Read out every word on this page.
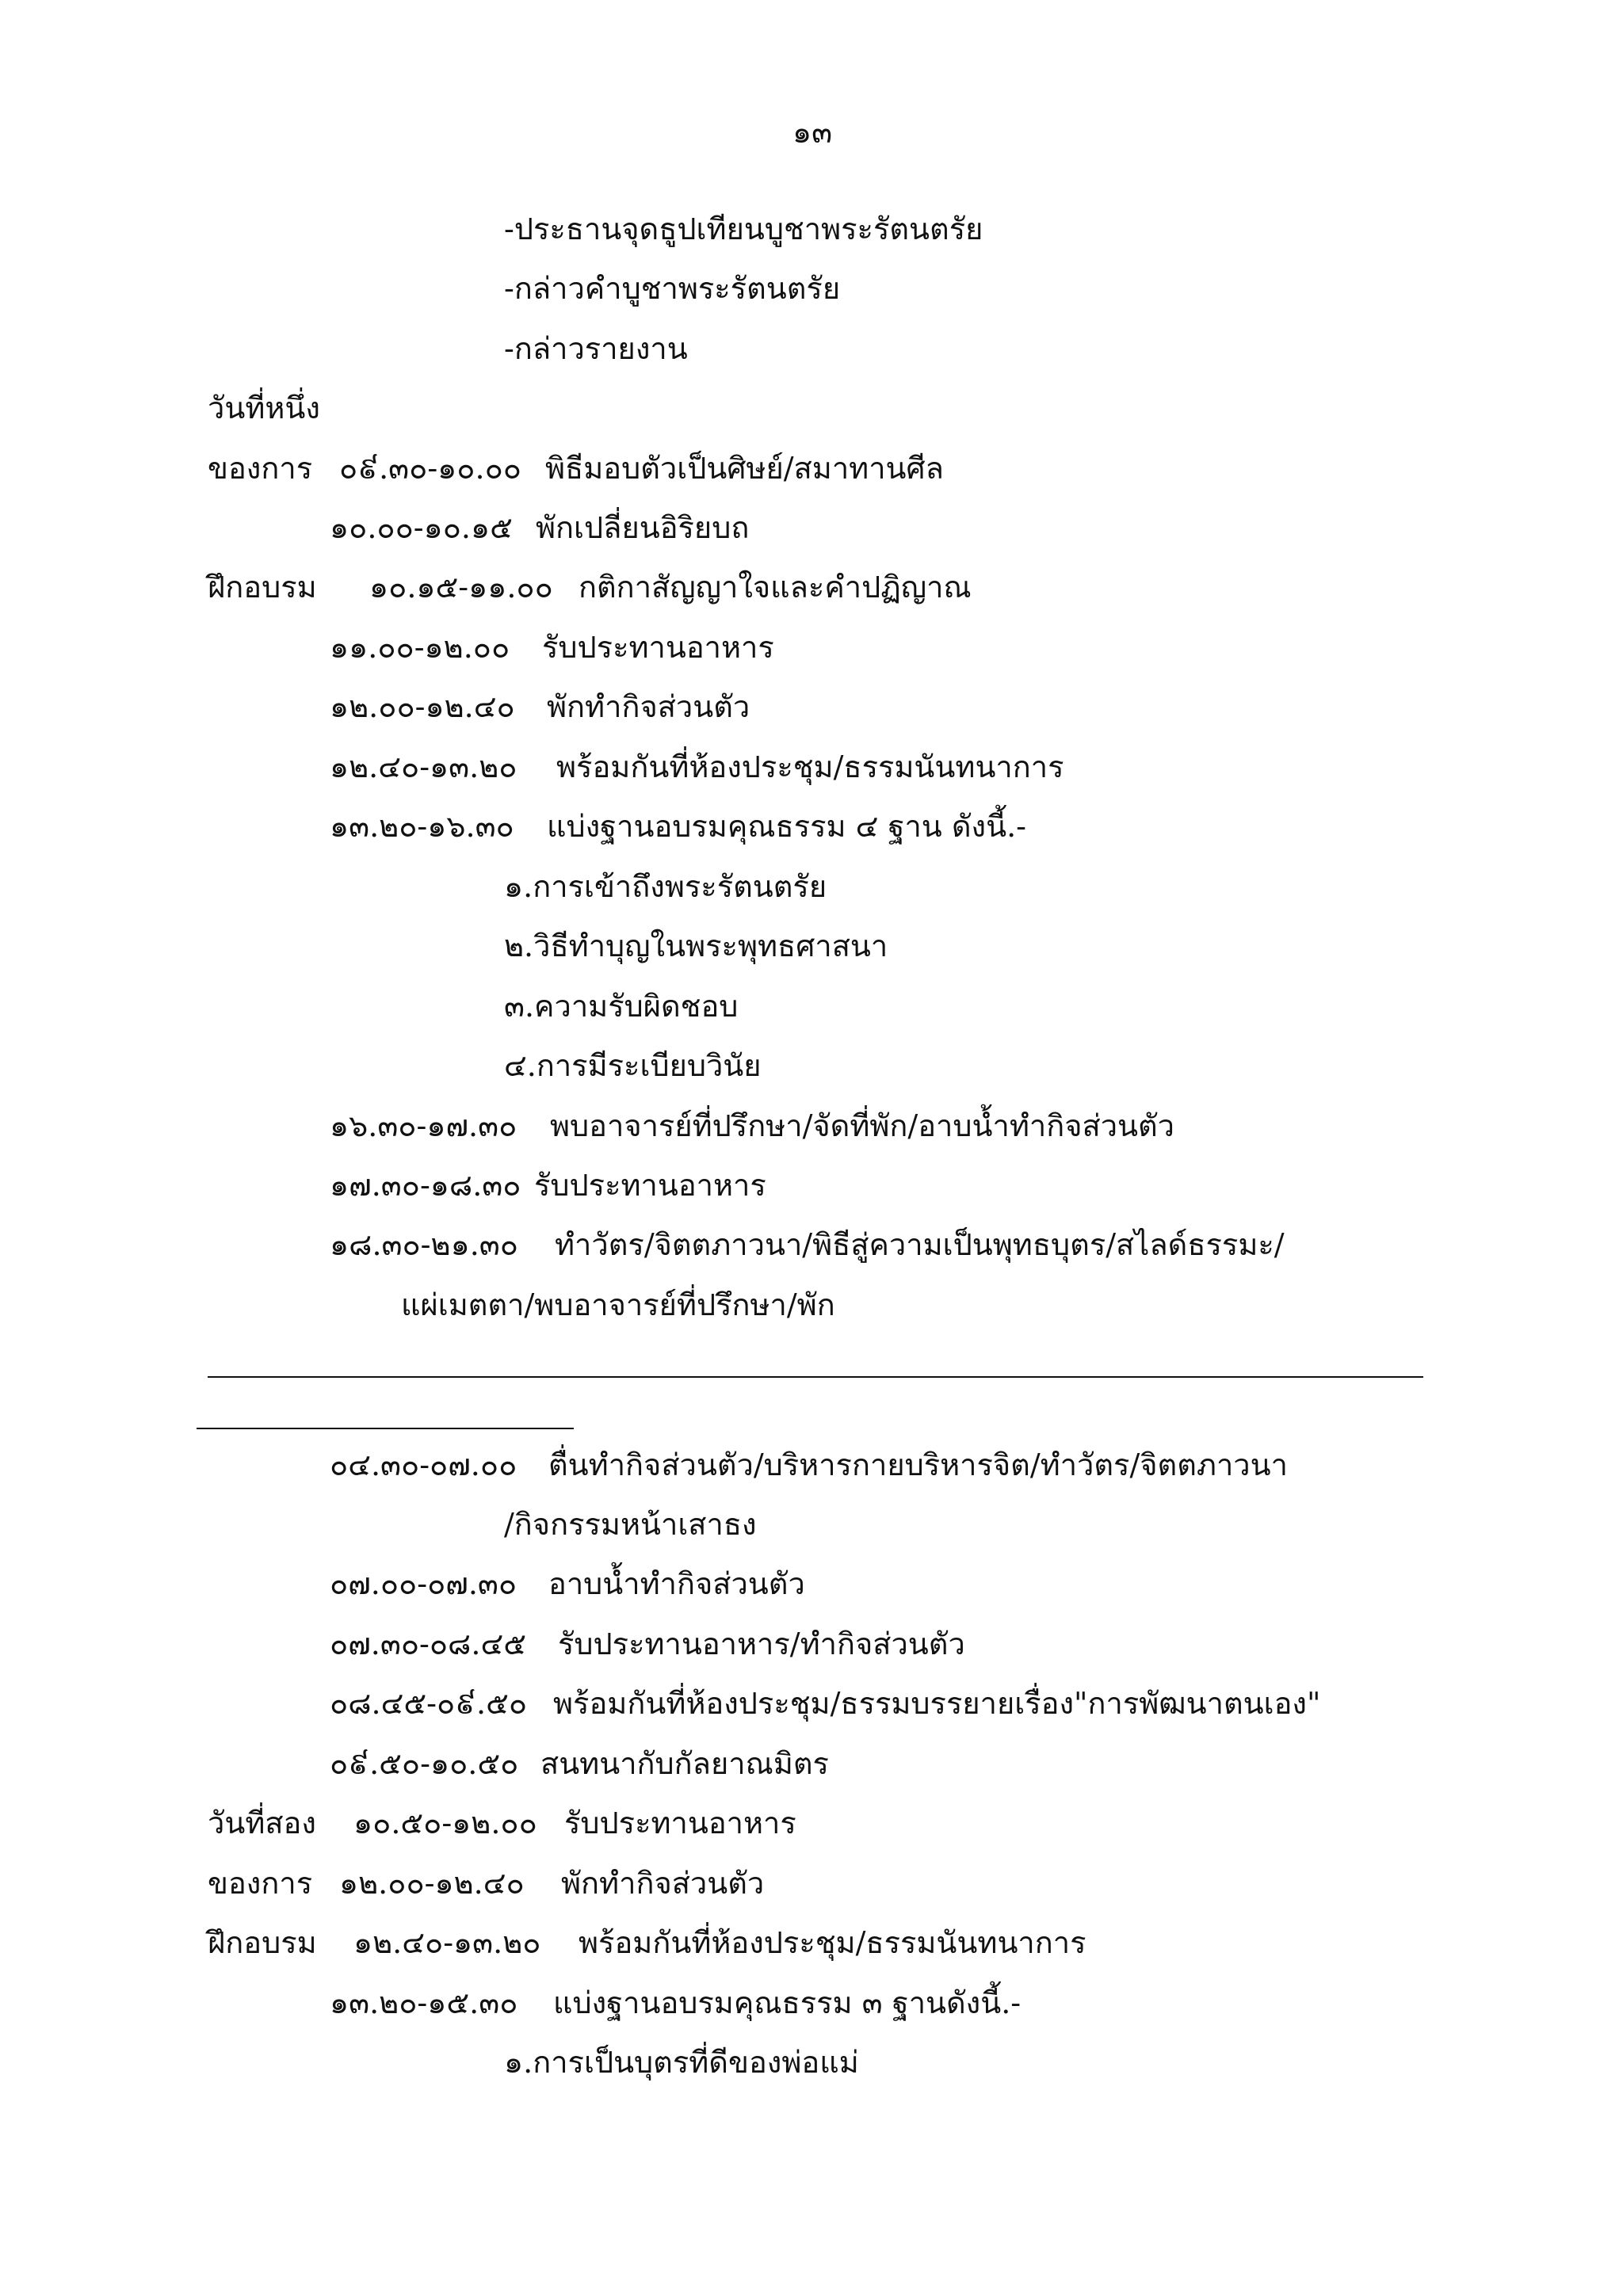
๑๓
-ประธานจุดธูปเทียนบูชาพระรัตนตรัย
-กล่าวคำบูชาพระรัตนตรัย
-กล่าวรายงาน
วันที่หนึ่ง
ของการ ๐៩.๓๐-๑๐.๐๐ พิธีมอบตัวเป็นศิษย์/สมาทานศีล
๑๐.๐๐-๑๐.๑๕ พักเปลี่ยนอิริยบถ
ฝึกอบรม ๑๐.๑๕-๑๑.๐๐ กติกาสัญญาใจและคำปฏิญาณ
๑๑.๐๐-๑๒.๐๐ รับประทานอาหาร
๑๒.๐๐-๑๒.๔๐ พักทำกิจส่วนตัว
๑๒.๔๐-๑๓.๒๐ พร้อมกันที่ห้องประชุม/ธรรมนันทนาการ
๑๓.๒๐-๑๖.๓๐ แบ่งฐานอบรมคุณธรรม ๔ ฐาน ดังนี้.-
๑.การเข้าถึงพระรัตนตรัย
๒.วิธีทำบุญในพระพุทธศาสนา
๓.ความรับผิดชอบ
๔.การมีระเบียบวินัย
๑๖.๓๐-๑๗.๓๐ พบอาจารย์ที่ปรึกษา/จัดที่พัก/อาบน้ำทำกิจส่วนตัว
๑๗.๓๐-๑๘.๓๐ รับประทานอาหาร
๑๘.๓๐-๒๑.๓๐ ทำวัตร/จิตตภาวนา/พิธีสู่ความเป็นพุทธบุตร/สไลด์ธรรมะ/
แผ่เมตตา/พบอาจารย์ที่ปรึกษา/พัก
๐๔.๓๐-๐๗.๐๐ ตื่นทำกิจส่วนตัว/บริหารกายบริหารจิต/ทำวัตร/จิตตภาวนา
/กิจกรรมหน้าเสาธง
๐๗.๐๐-๐๗.๓๐ อาบน้ำทำกิจส่วนตัว
๐๗.๓๐-๐๘.๔๕ รับประทานอาหาร/ทำกิจส่วนตัว
๐๘.๔๕-๐៩.๕๐ พร้อมกันที่ห้องประชุม/ธรรมบรรยายเรื่อง"การพัฒนาตนเอง"
๐៩.๕๐-๑๐.๕๐ สนทนากับกัลยาณมิตร
วันที่สอง ๑๐.๕๐-๑๒.๐๐ รับประทานอาหาร
ของการ ๑๒.๐๐-๑๒.๔๐ พักทำกิจส่วนตัว
ฝึกอบรม ๑๒.๔๐-๑๓.๒๐ พร้อมกันที่ห้องประชุม/ธรรมนันทนาการ
๑๓.๒๐-๑๕.๓๐ แบ่งฐานอบรมคุณธรรม ๓ ฐานดังนี้.-
๑.การเป็นบุตรที่ดีของพ่อแม่
